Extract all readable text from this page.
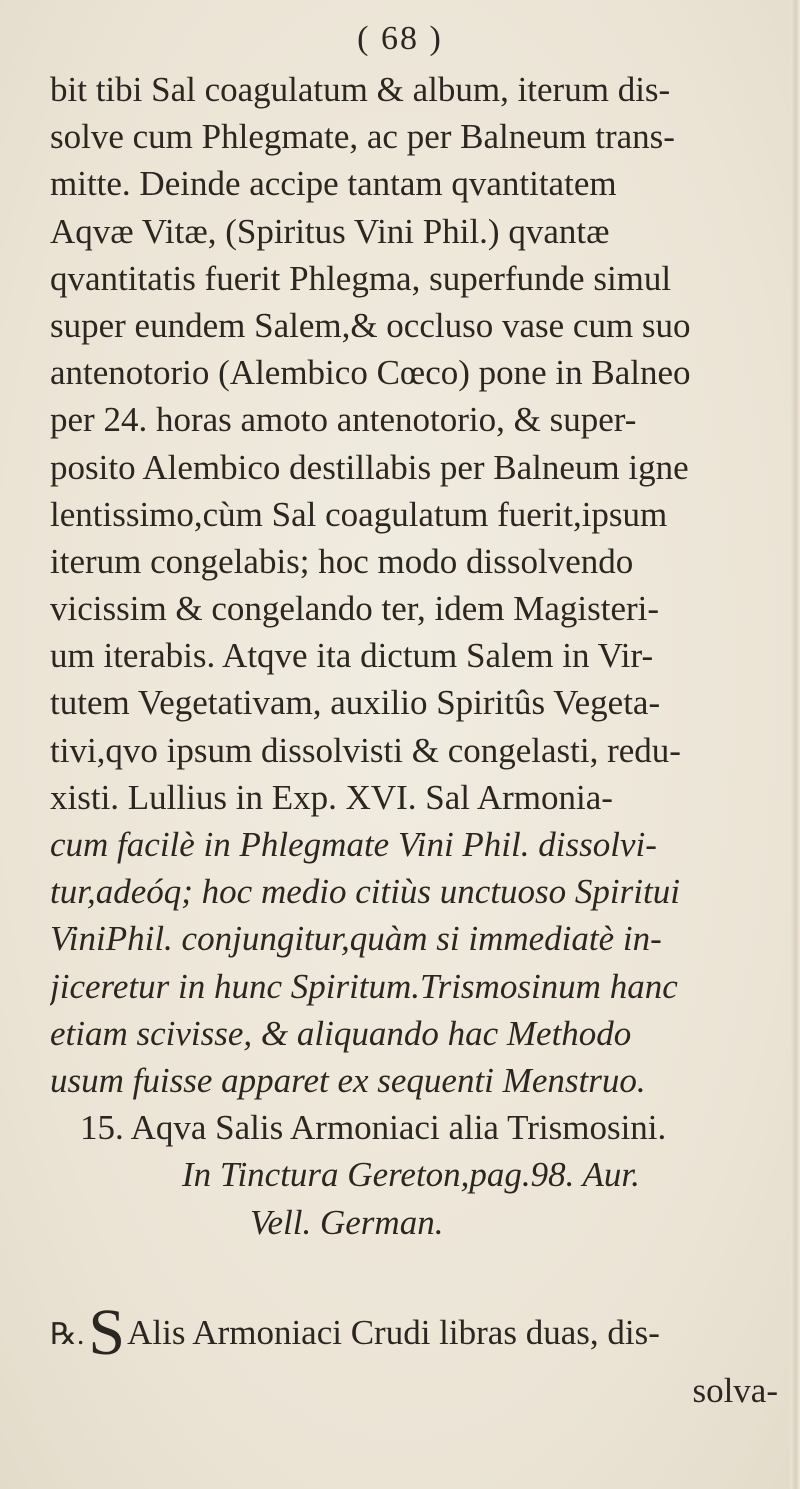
( 68 )
bit tibi Sal coagulatum & album, iterum dis-
solve cum Phlegmate, ac per Balneum trans-
mitte. Deinde accipe tantam qvantitatem
Aqvæ Vitæ, (Spiritus Vini Phil.) qvantæ
qvantitatis fuerit Phlegma, superfunde simul
super eundem Salem,& occluso vase cum suo
antenotorio (Alembico Cœco) pone in Balneo
per 24. horas amoto antenotorio, & super-
posito Alembico destillabis per Balneum igne
lentissimo,cùm Sal coagulatum fuerit,ipsum
iterum congelabis; hoc modo dissolvendo
vicissim & congelando ter, idem Magisteri-
um iterabis. Atqve ita dictum Salem in Vir-
tutem Vegetativam, auxilio Spiritûs Vegeta-
tivi,qvo ipsum dissolvisti & congelasti, redu-
xisti. Lullius in Exp. XVI. Sal Armonia-
cum facilè in Phlegmate Vini Phil. dissolvi-
tur,adeóq; hoc medio citiùs unctuoso Spiritui
ViniPhil. conjungitur,quàm si immediatè in-
jiceretur in hunc Spiritum.Trismosinum hanc
etiam scivisse, & aliquando hac Methodo
usum fuisse apparet ex sequenti Menstruo.
15. Aqva Salis Armoniaci alia Trismosini.
In Tinctura Gereton,pag.98. Aur.
Vell. German.
℞.SAlis Armoniaci Crudi libras duas, dis-
solva-
